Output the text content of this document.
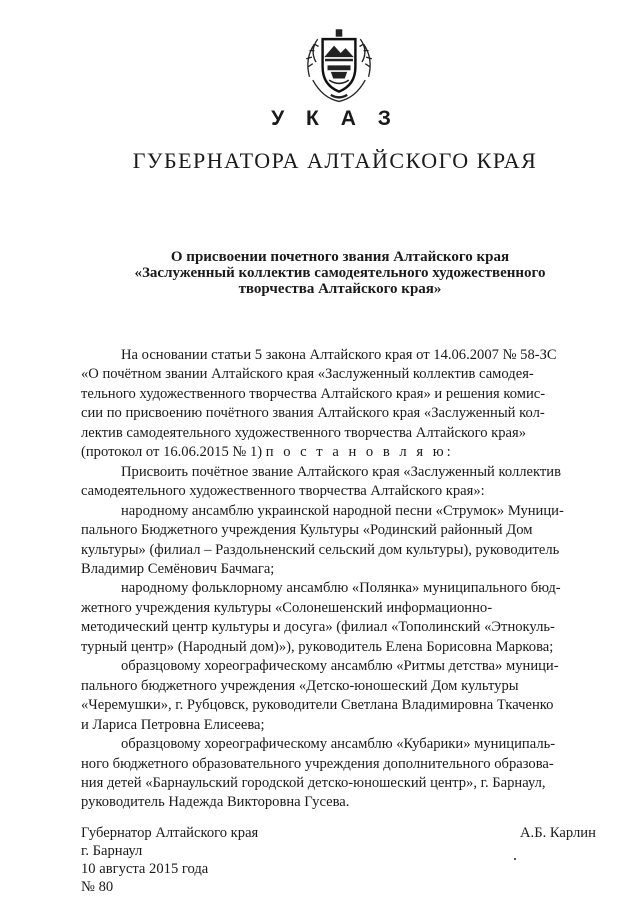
У К А З
ГУБЕРНАТОРА АЛТАЙСКОГО КРАЯ
О присвоении почетного звания Алтайского края
«Заслуженный коллектив самодеятельного художественного
творчества Алтайского края»
На основании статьи 5 закона Алтайского края от 14.06.2007 № 58-ЗС
«О почётном звании Алтайского края «Заслуженный коллектив самодея-
тельного художественного творчества Алтайского края» и решения комис-
сии по присвоению почётного звания Алтайского края «Заслуженный кол-
лектив самодеятельного художественного творчества Алтайского края»
(протокол от 16.06.2015 № 1) п о с т а н о в л я ю:
Присвоить почётное звание Алтайского края «Заслуженный коллектив
самодеятельного художественного творчества Алтайского края»:
народному ансамблю украинской народной песни «Струмок» Муници-
пального Бюджетного учреждения Культуры «Родинский районный Дом
культуры» (филиал – Раздольненский сельский дом культуры), руководитель
Владимир Семёнович Бачмага;
народному фольклорному ансамблю «Полянка» муниципального бюд-
жетного учреждения культуры «Солонешенский информационно-
методический центр культуры и досуга» (филиал «Тополинский «Этнокуль-
турный центр» (Народный дом)»), руководитель Елена Борисовна Маркова;
образцовому хореографическому ансамблю «Ритмы детства» муници-
пального бюджетного учреждения «Детско-юношеский Дом культуры
«Черемушки», г. Рубцовск, руководители Светлана Владимировна Ткаченко
и Лариса Петровна Елисеева;
образцовому хореографическому ансамблю «Кубарики» муниципаль-
ного бюджетного образовательного учреждения дополнительного образова-
ния детей «Барнаульский городской детско-юношеский центр», г. Барнаул,
руководитель Надежда Викторовна Гусева.
Губернатор Алтайского края
г. Барнаул
10 августа 2015 года
№ 80
А.Б. Карлин
